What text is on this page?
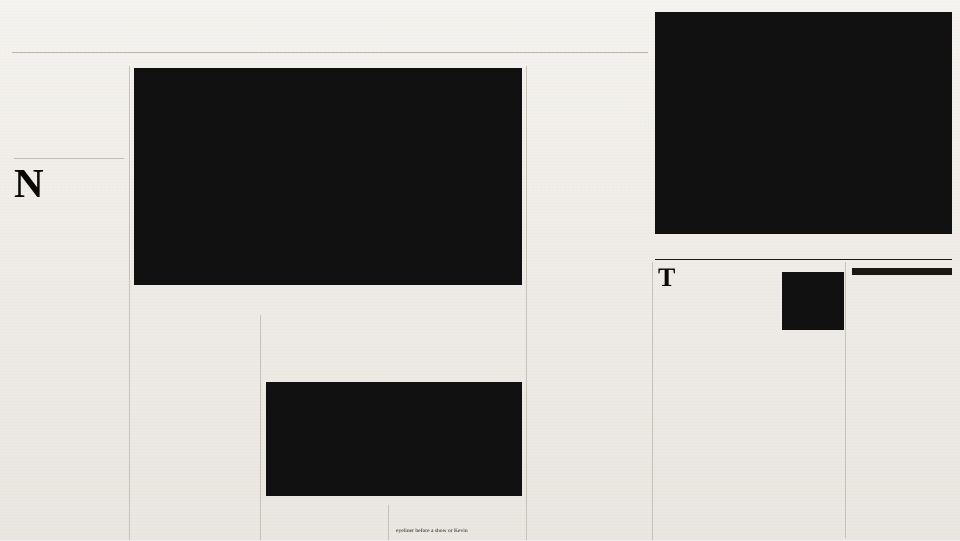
N

eyeliner before a show or Kevin

T
